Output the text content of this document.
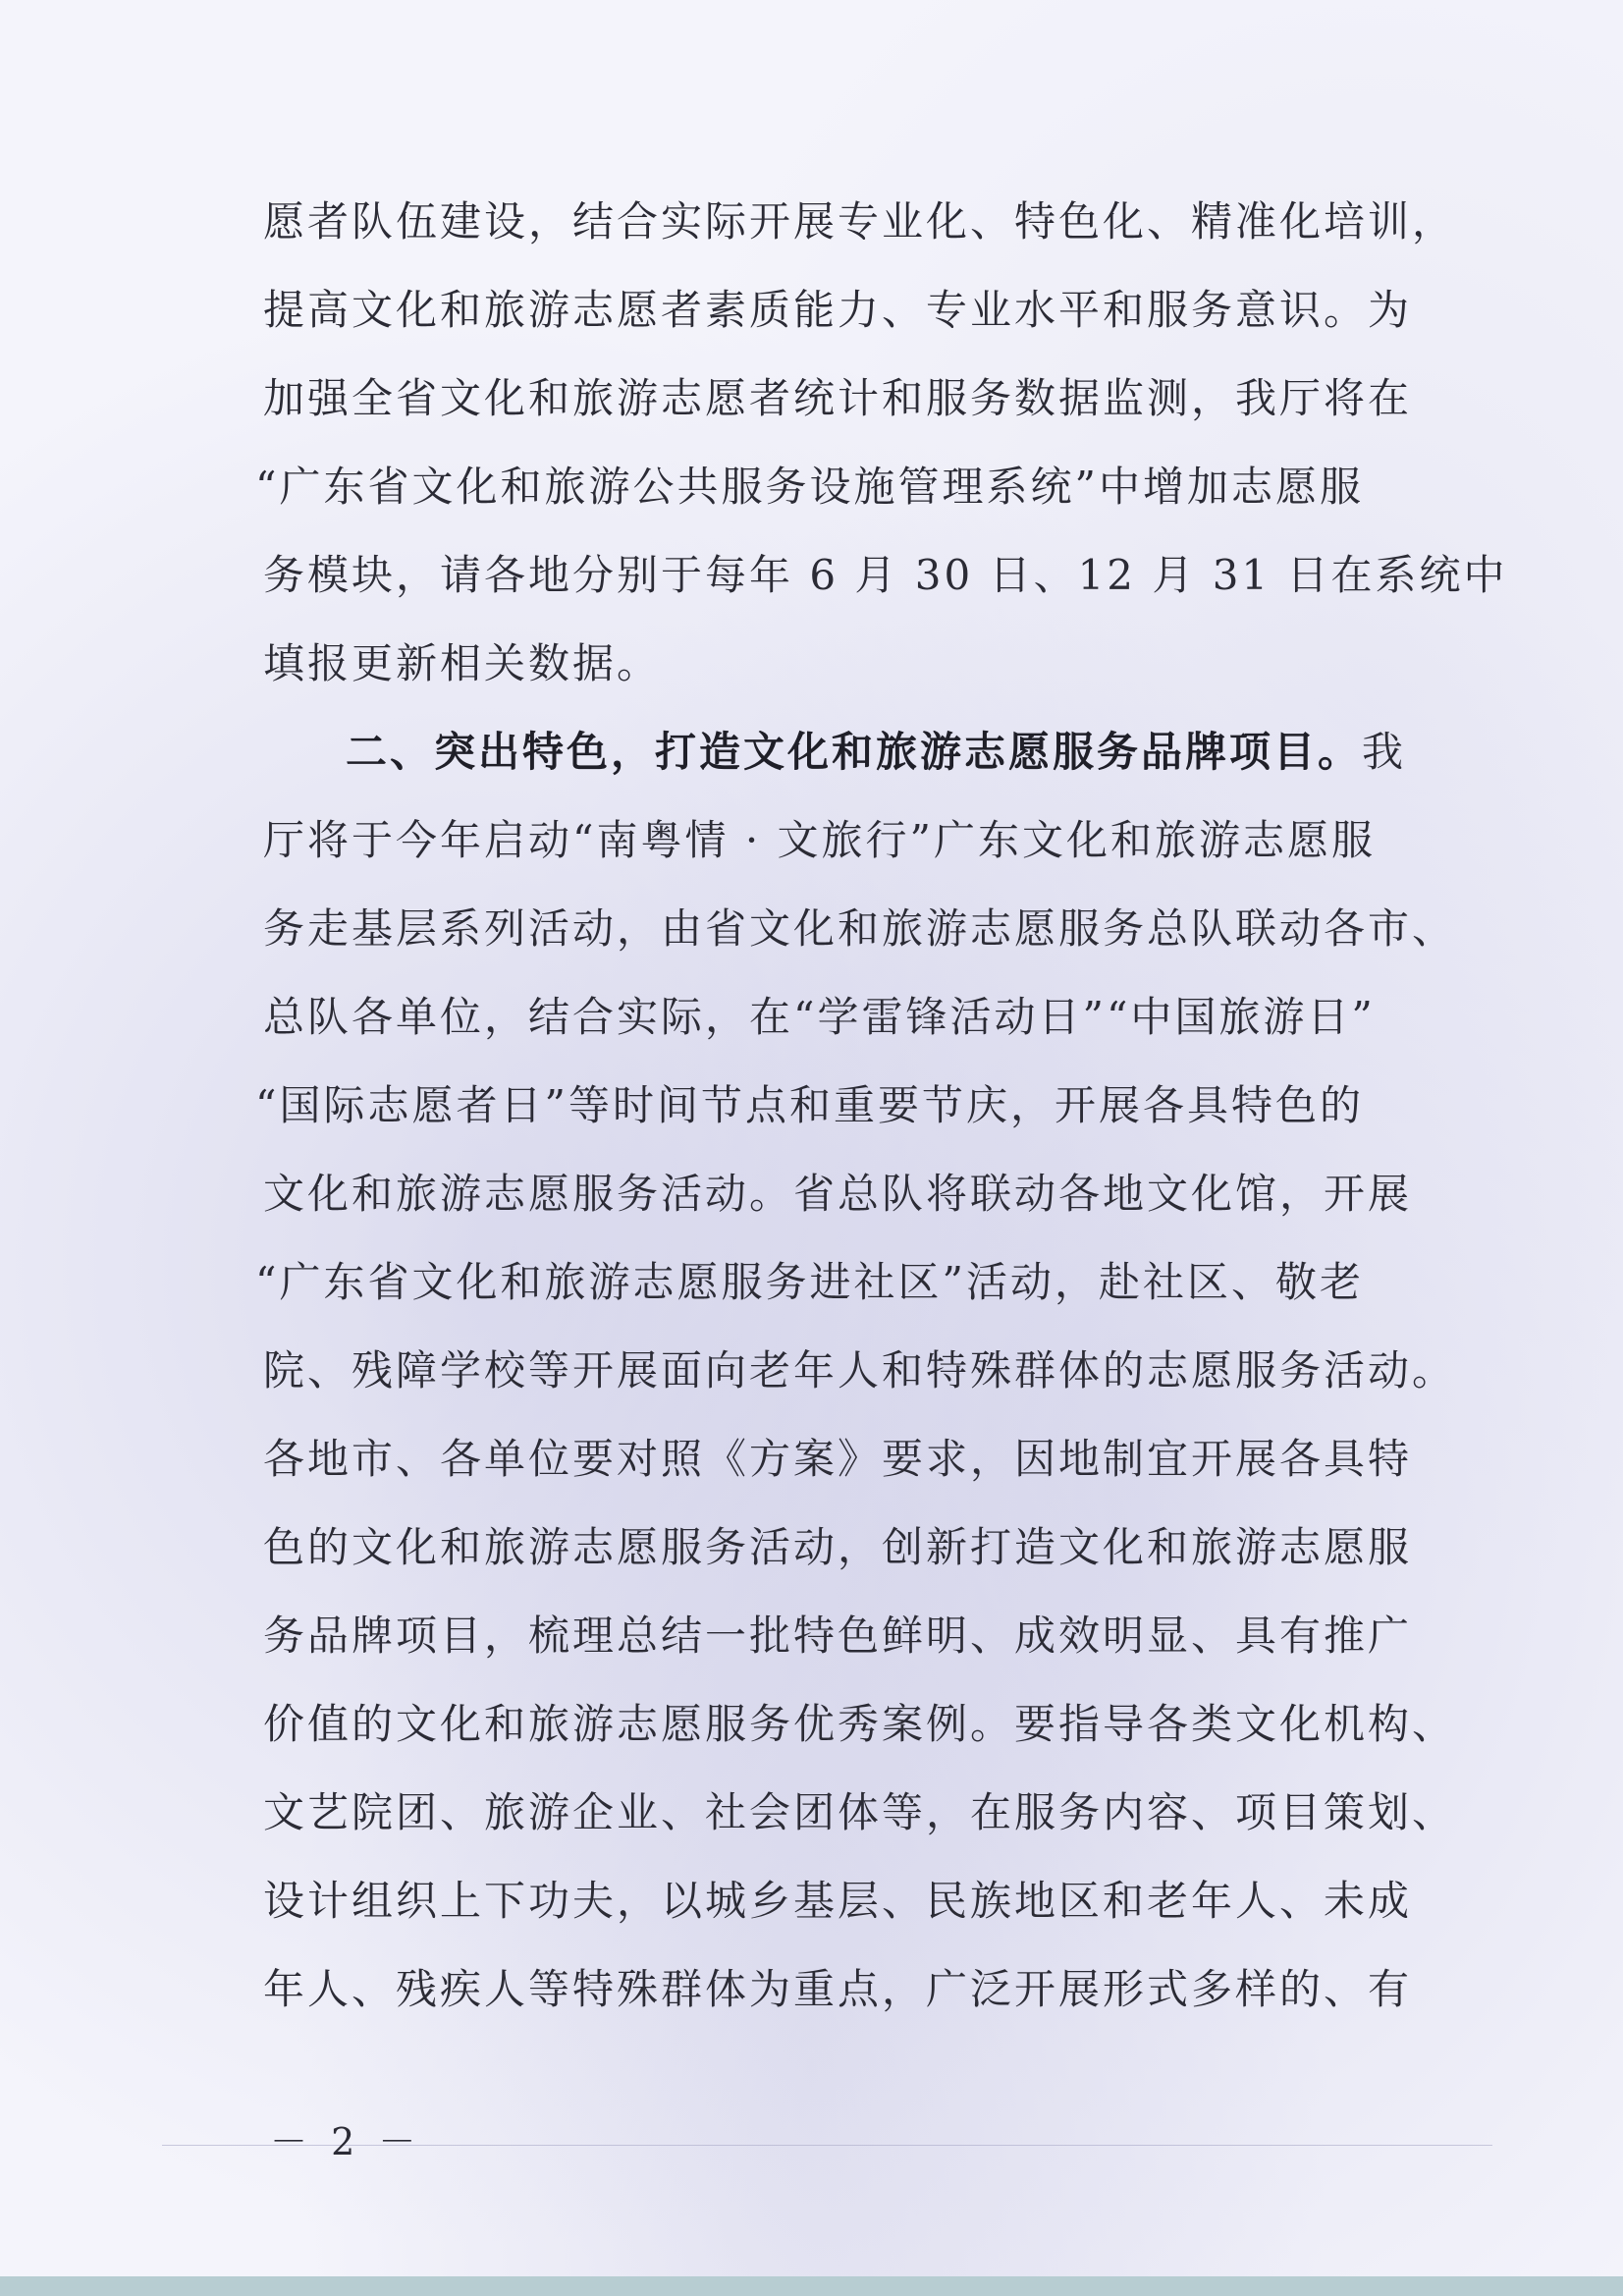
愿者队伍建设，结合实际开展专业化、特色化、精准化培训，
提高文化和旅游志愿者素质能力、专业水平和服务意识。为
加强全省文化和旅游志愿者统计和服务数据监测，我厅将在
“广东省文化和旅游公共服务设施管理系统”中增加志愿服
务模块，请各地分别于每年 6 月 30 日、12 月 31 日在系统中
填报更新相关数据。
二、突出特色，打造文化和旅游志愿服务品牌项目。我
厅将于今年启动“南粤情 · 文旅行”广东文化和旅游志愿服
务走基层系列活动，由省文化和旅游志愿服务总队联动各市、
总队各单位，结合实际，在“学雷锋活动日”“中国旅游日”
“国际志愿者日”等时间节点和重要节庆，开展各具特色的
文化和旅游志愿服务活动。省总队将联动各地文化馆，开展
“广东省文化和旅游志愿服务进社区”活动，赴社区、敬老
院、残障学校等开展面向老年人和特殊群体的志愿服务活动。
各地市、各单位要对照《方案》要求，因地制宜开展各具特
色的文化和旅游志愿服务活动，创新打造文化和旅游志愿服
务品牌项目，梳理总结一批特色鲜明、成效明显、具有推广
价值的文化和旅游志愿服务优秀案例。要指导各类文化机构、
文艺院团、旅游企业、社会团体等，在服务内容、项目策划、
设计组织上下功夫，以城乡基层、民族地区和老年人、未成
年人、残疾人等特殊群体为重点，广泛开展形式多样的、有
－ 2 －
